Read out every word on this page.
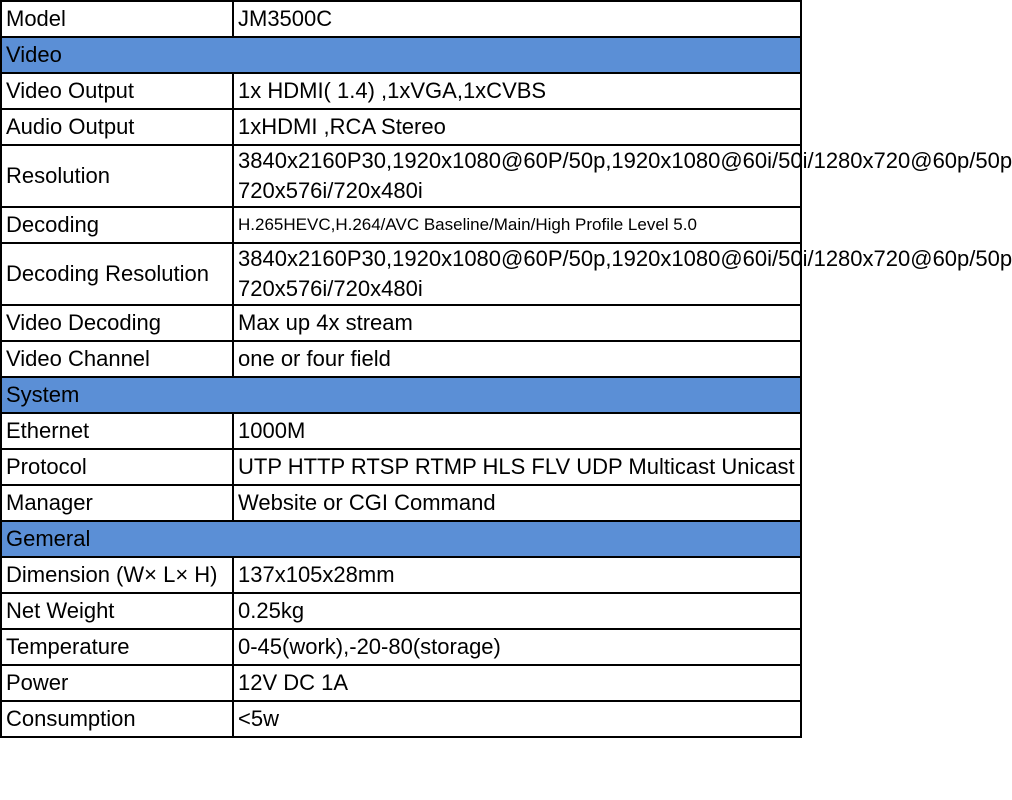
Model	JM3500C
Video	
Video Output	1x HDMI( 1.4) ,1xVGA,1xCVBS
Audio Output	1xHDMI ,RCA Stereo
Resolution	3840x2160P30,1920x1080@60P/50p,1920x1080@60i/50i/1280x720@60p/50p 720x576i/720x480i
Decoding	H.265HEVC,H.264/AVC Baseline/Main/High Profile Level 5.0
Decoding Resolution	3840x2160P30,1920x1080@60P/50p,1920x1080@60i/50i/1280x720@60p/50p 720x576i/720x480i
Video Decoding	Max up 4x stream
Video Channel	one or four field
System	
Ethernet	1000M
Protocol	UTP HTTP RTSP RTMP HLS FLV UDP Multicast Unicast
Manager	Website or CGI Command
Gemeral	
Dimension (W× L× H)	137x105x28mm
Net Weight	0.25kg
Temperature	0-45(work),-20-80(storage)
Power	12V DC 1A
Consumption	<5w
